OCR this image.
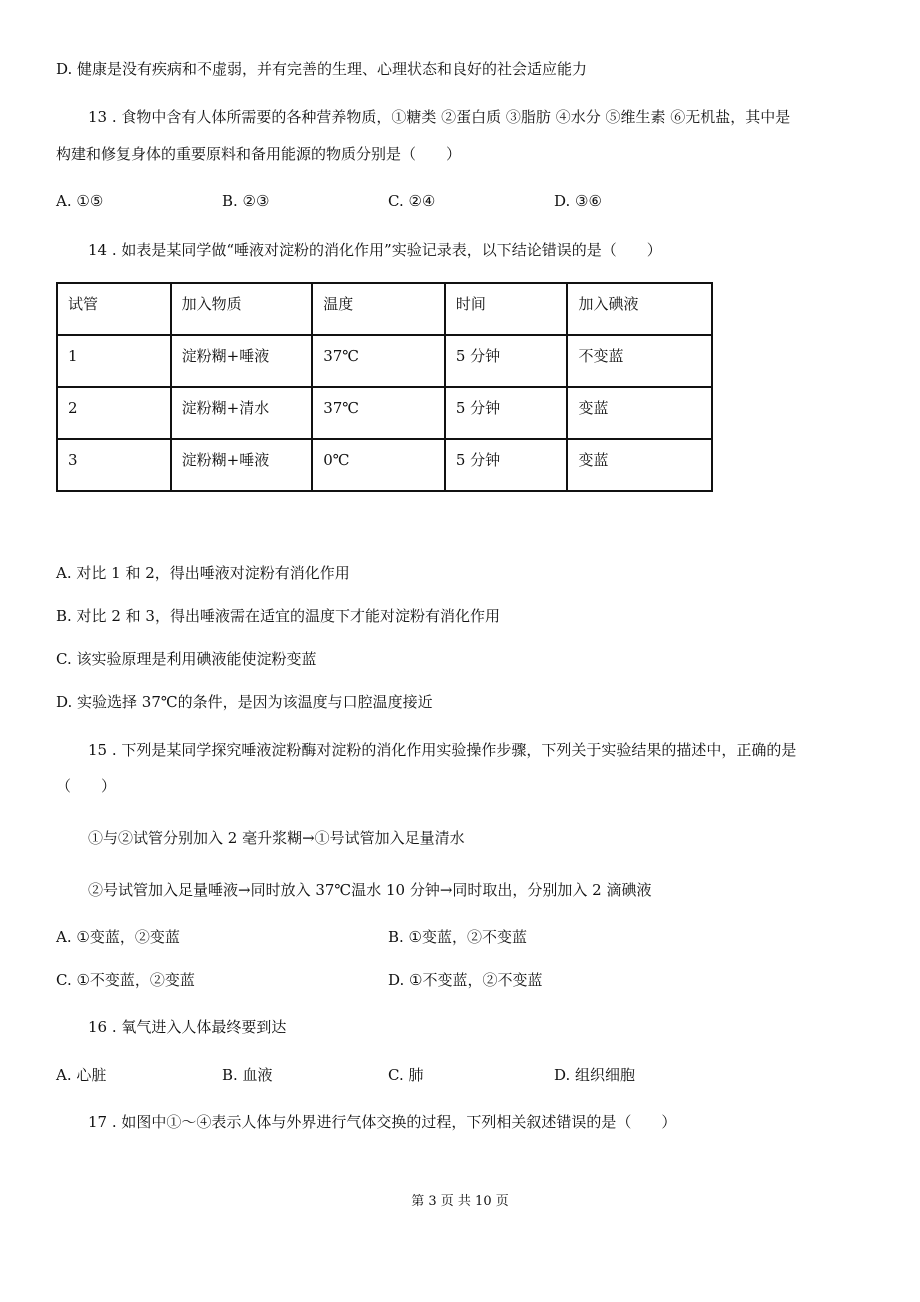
D. 健康是没有疾病和不虚弱，并有完善的生理、心理状态和良好的社会适应能力
13 . 食物中含有人体所需要的各种营养物质，①糖类 ②蛋白质 ③脂肪 ④水分 ⑤维生素 ⑥无机盐，其中是
构建和修复身体的重要原料和备用能源的物质分别是（　　）
A. ①⑤	B. ②③	C. ②④	D. ③⑥
14 . 如表是某同学做“唾液对淀粉的消化作用”实验记录表，以下结论错误的是（　　）
试管	加入物质	温度	时间	加入碘液
1	淀粉糊+唾液	37℃	5 分钟	不变蓝
2	淀粉糊+清水	37℃	5 分钟	变蓝
3	淀粉糊+唾液	0℃	5 分钟	变蓝
A. 对比 1 和 2，得出唾液对淀粉有消化作用
B. 对比 2 和 3，得出唾液需在适宜的温度下才能对淀粉有消化作用
C. 该实验原理是利用碘液能使淀粉变蓝
D. 实验选择 37℃的条件，是因为该温度与口腔温度接近
15 . 下列是某同学探究唾液淀粉酶对淀粉的消化作用实验操作步骤，下列关于实验结果的描述中，正确的是
（　　）
①与②试管分别加入 2 毫升浆糊→①号试管加入足量清水
②号试管加入足量唾液→同时放入 37℃温水 10 分钟→同时取出，分别加入 2 滴碘液
A. ①变蓝，②变蓝	B. ①变蓝，②不变蓝
C. ①不变蓝，②变蓝	D. ①不变蓝，②不变蓝
16 . 氧气进入人体最终要到达
A. 心脏	B. 血液	C. 肺	D. 组织细胞
17 . 如图中①～④表示人体与外界进行气体交换的过程，下列相关叙述错误的是（　　）
第 3 页 共 10 页
